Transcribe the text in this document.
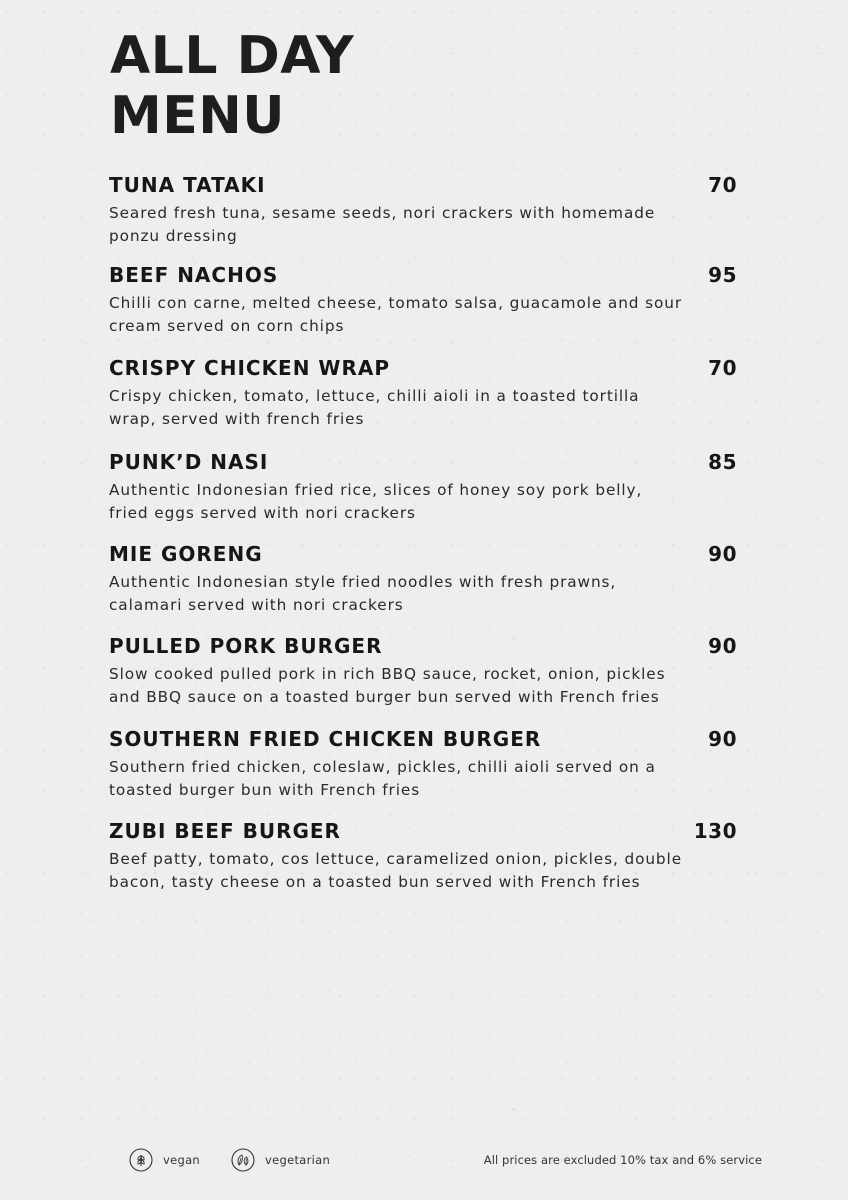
ALL DAY
MENU
TUNA TATAKI	70
Seared fresh tuna, sesame seeds, nori crackers with homemade
ponzu dressing
BEEF NACHOS	95
Chilli con carne, melted cheese, tomato salsa, guacamole and sour
cream served on corn chips
CRISPY CHICKEN WRAP	70
Crispy chicken, tomato, lettuce, chilli aioli in a toasted tortilla
wrap, served with french fries
PUNK’D NASI	85
Authentic Indonesian fried rice, slices of honey soy pork belly,
fried eggs served with nori crackers
MIE GORENG	90
Authentic Indonesian style fried noodles with fresh prawns,
calamari served with nori crackers
PULLED PORK BURGER	90
Slow cooked pulled pork in rich BBQ sauce, rocket, onion, pickles
and BBQ sauce on a toasted burger bun served with French fries
SOUTHERN FRIED CHICKEN BURGER	90
Southern fried chicken, coleslaw, pickles, chilli aioli served on a
toasted burger bun with French fries
ZUBI BEEF BURGER	130
Beef patty, tomato, cos lettuce, caramelized onion, pickles, double
bacon, tasty cheese on a toasted bun served with French fries
vegan	vegetarian	All prices are excluded 10% tax and 6% service
